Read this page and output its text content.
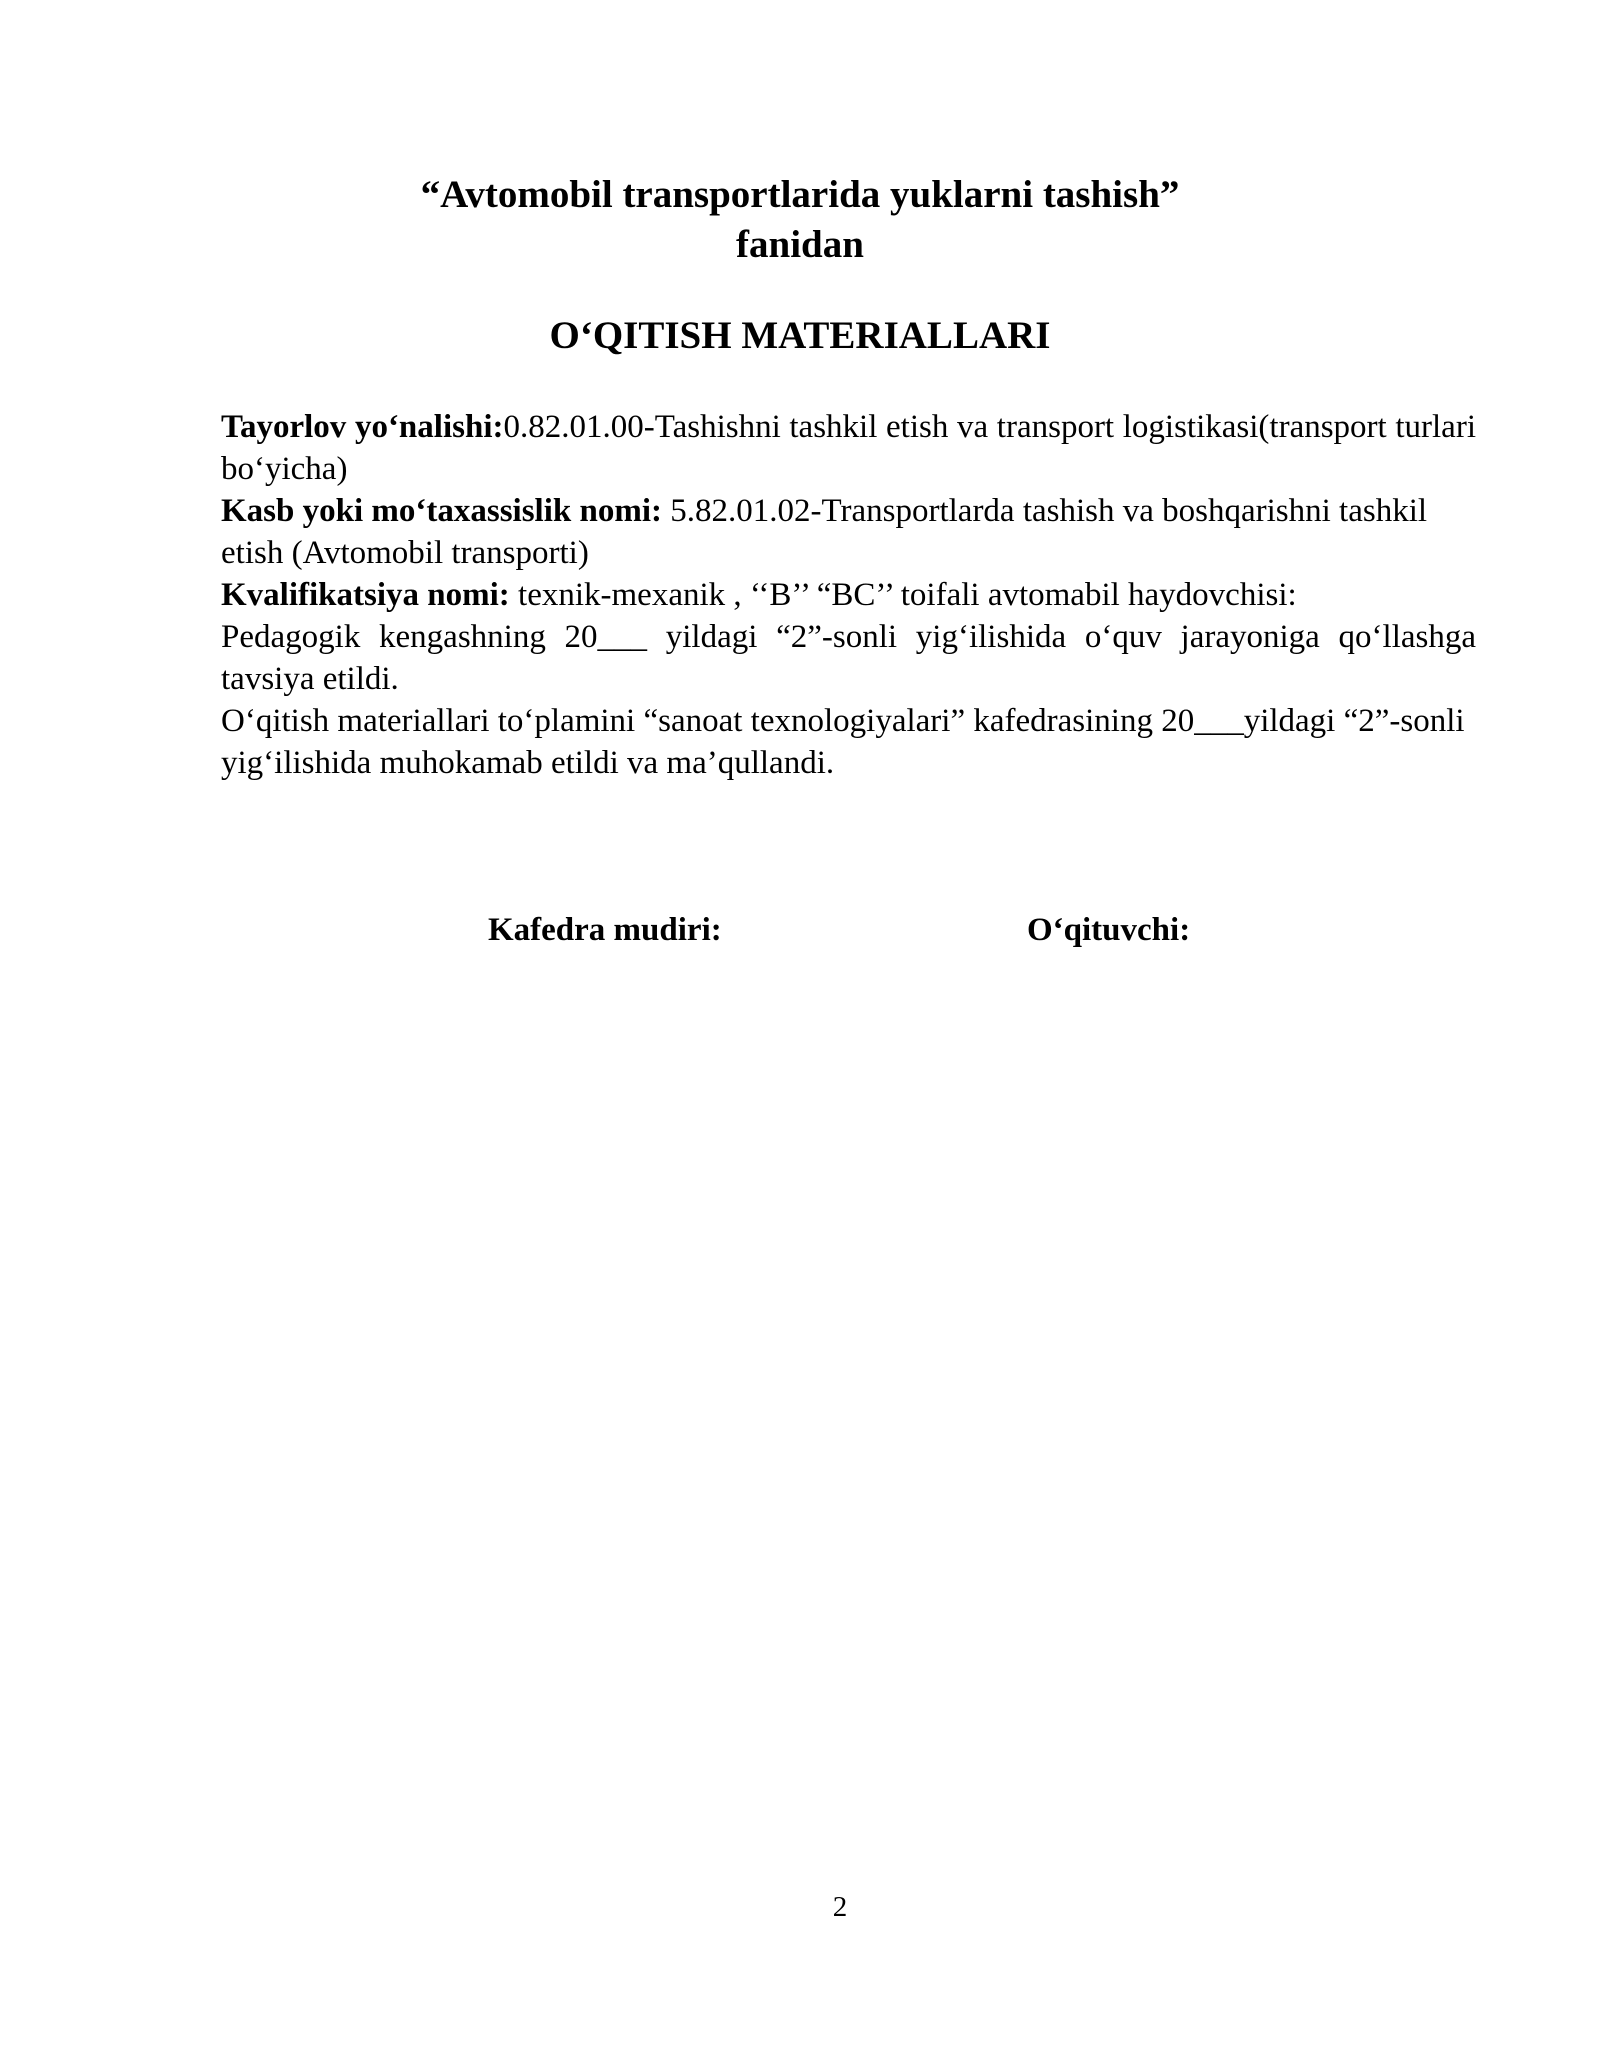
“Avtomobil transportlarida yuklarni tashish”
fanidan
O‘QITISH MATERIALLARI

Tayorlov yo‘nalishi:0.82.01.00-Tashishni tashkil etish va transport logistikasi(transport turlari bo‘yicha)

Kasb yoki mo‘taxassislik nomi: 5.82.01.02-Transportlarda tashish va boshqarishni tashkil etish (Avtomobil transporti)

Kvalifikatsiya nomi: texnik-mexanik , ‘‘B’’ “BC’’ toifali avtomabil haydovchisi:

Pedagogik kengashning 20___ yildagi “2”-sonli yig‘ilishida o‘quv jarayoniga qo‘llashga tavsiya etildi.

O‘qitish materiallari to‘plamini “sanoat texnologiyalari” kafedrasining 20___yildagi “2”-sonli yig‘ilishida muhokamab etildi va ma’qullandi.

Kafedra mudiri:	O‘qituvchi:
2
